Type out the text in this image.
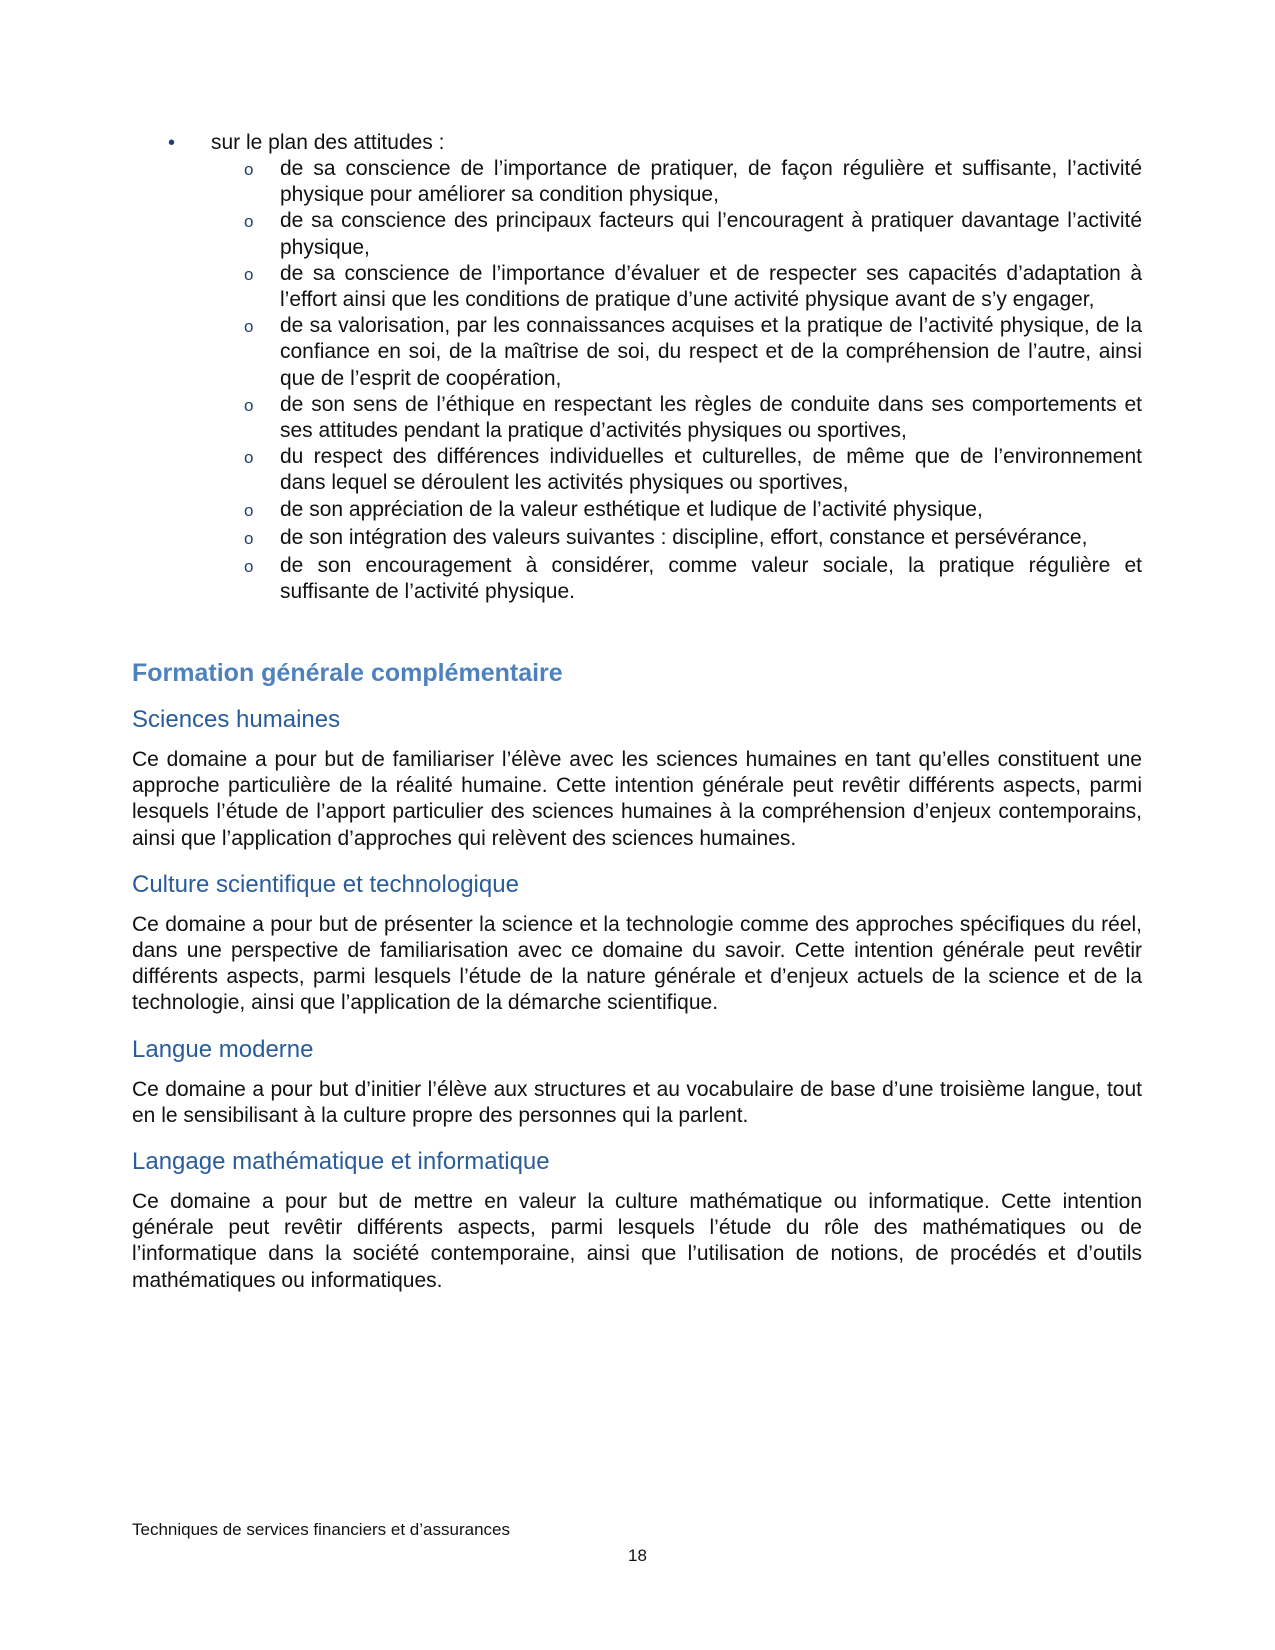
•	sur le plan des attitudes :
o	de sa conscience de l’importance de pratiquer, de façon régulière et suffisante, l’activité physique pour améliorer sa condition physique,
o	de sa conscience des principaux facteurs qui l’encouragent à pratiquer davantage l’activité physique,
o	de sa conscience de l’importance d’évaluer et de respecter ses capacités d’adaptation à l’effort ainsi que les conditions de pratique d’une activité physique avant de s’y engager,
o	de sa valorisation, par les connaissances acquises et la pratique de l’activité physique, de la confiance en soi, de la maîtrise de soi, du respect et de la compréhension de l’autre, ainsi que de l’esprit de coopération,
o	de son sens de l’éthique en respectant les règles de conduite dans ses comportements et ses attitudes pendant la pratique d’activités physiques ou sportives,
o	du respect des différences individuelles et culturelles, de même que de l’environnement dans lequel se déroulent les activités physiques ou sportives,
o	de son appréciation de la valeur esthétique et ludique de l’activité physique,
o	de son intégration des valeurs suivantes : discipline, effort, constance et persévérance,
o	de son encouragement à considérer, comme valeur sociale, la pratique régulière et suffisante de l’activité physique.
Formation générale complémentaire
Sciences humaines
Ce domaine a pour but de familiariser l’élève avec les sciences humaines en tant qu’elles constituent une approche particulière de la réalité humaine. Cette intention générale peut revêtir différents aspects, parmi lesquels l’étude de l’apport particulier des sciences humaines à la compréhension d’enjeux contemporains, ainsi que l’application d’approches qui relèvent des sciences humaines.
Culture scientifique et technologique
Ce domaine a pour but de présenter la science et la technologie comme des approches spécifiques du réel, dans une perspective de familiarisation avec ce domaine du savoir. Cette intention générale peut revêtir différents aspects, parmi lesquels l’étude de la nature générale et d’enjeux actuels de la science et de la technologie, ainsi que l’application de la démarche scientifique.
Langue moderne
Ce domaine a pour but d’initier l’élève aux structures et au vocabulaire de base d’une troisième langue, tout en le sensibilisant à la culture propre des personnes qui la parlent.
Langage mathématique et informatique
Ce domaine a pour but de mettre en valeur la culture mathématique ou informatique. Cette intention générale peut revêtir différents aspects, parmi lesquels l’étude du rôle des mathématiques ou de l’informatique dans la société contemporaine, ainsi que l’utilisation de notions, de procédés et d’outils mathématiques ou informatiques.
Techniques de services financiers et d’assurances
18
